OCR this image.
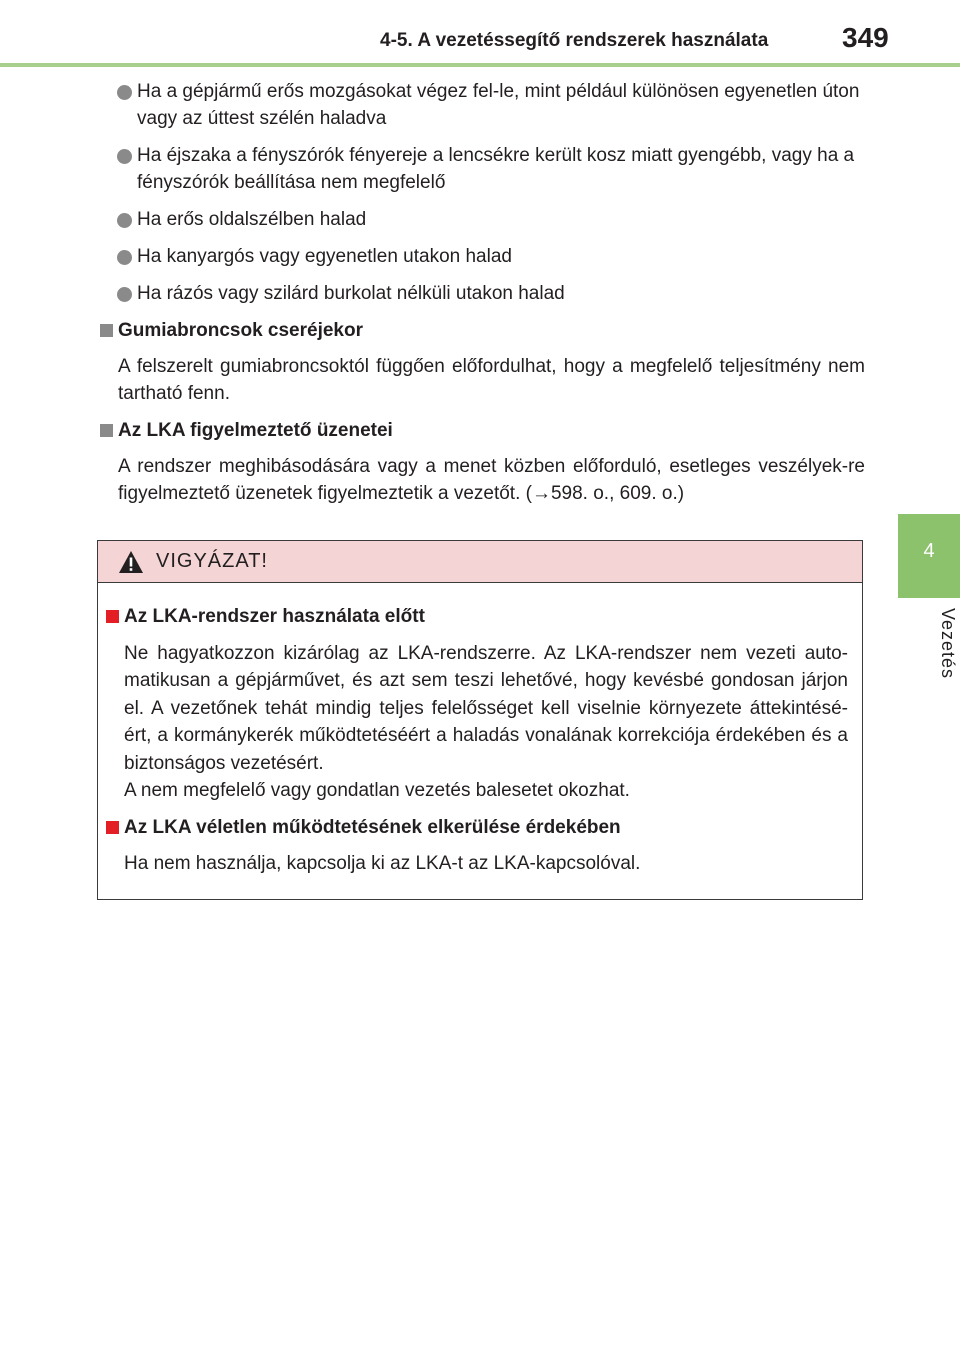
4-5. A vezetéssegítő rendszerek használata	349
4
Vezetés
Ha a gépjármű erős mozgásokat végez fel-le, mint például különösen egyenetlen úton vagy az úttest szélén haladva
Ha éjszaka a fényszórók fényereje a lencsékre került kosz miatt gyengébb, vagy ha a fényszórók beállítása nem megfelelő
Ha erős oldalszélben halad
Ha kanyargós vagy egyenetlen utakon halad
Ha rázós vagy szilárd burkolat nélküli utakon halad
Gumiabroncsok cseréjekor
A felszerelt gumiabroncsoktól függően előfordulhat, hogy a megfelelő teljesítmény nem tartható fenn.
Az LKA figyelmeztető üzenetei
A rendszer meghibásodására vagy a menet közben előforduló, esetleges veszélyek-re figyelmeztető üzenetek figyelmeztetik a vezetőt. (→598. o., 609. o.)
VIGYÁZAT!
Az LKA-rendszer használata előtt
Ne hagyatkozzon kizárólag az LKA-rendszerre. Az LKA-rendszer nem vezeti auto-matikusan a gépjárművet, és azt sem teszi lehetővé, hogy kevésbé gondosan járjon el. A vezetőnek tehát mindig teljes felelősséget kell viselnie környezete áttekintésé-ért, a kormánykerék működtetéséért a haladás vonalának korrekciója érdekében és a biztonságos vezetésért.
A nem megfelelő vagy gondatlan vezetés balesetet okozhat.
Az LKA véletlen működtetésének elkerülése érdekében
Ha nem használja, kapcsolja ki az LKA-t az LKA-kapcsolóval.
